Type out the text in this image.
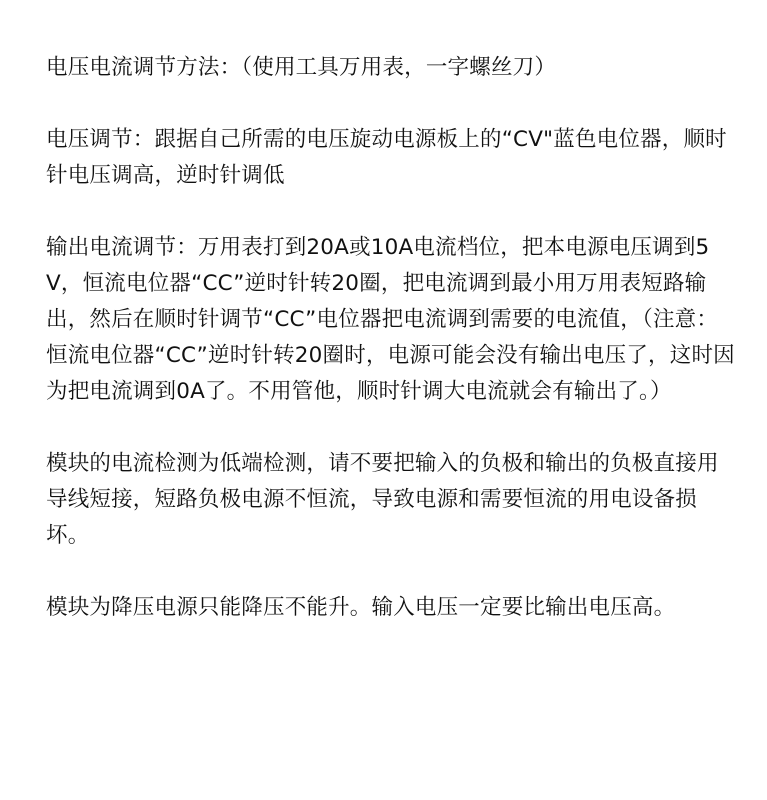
电压电流调节方法：（使用工具万用表，一字螺丝刀）

电压调节：跟据自己所需的电压旋动电源板上的“CV"蓝色电位器，顺时针电压调高，逆时针调低

输出电流调节：万用表打到20A或10A电流档位，把本电源电压调到5V，恒流电位器“CC”逆时针转20圈，把电流调到最小用万用表短路输出，然后在顺时针调节“CC”电位器把电流调到需要的电流值，（注意：恒流电位器“CC”逆时针转20圈时，电源可能会没有输出电压了，这时因为把电流调到0A了。不用管他，顺时针调大电流就会有输出了。）

模块的电流检测为低端检测，请不要把输入的负极和输出的负极直接用导线短接，短路负极电源不恒流，导致电源和需要恒流的用电设备损坏。

模块为降压电源只能降压不能升。输入电压一定要比输出电压高。
